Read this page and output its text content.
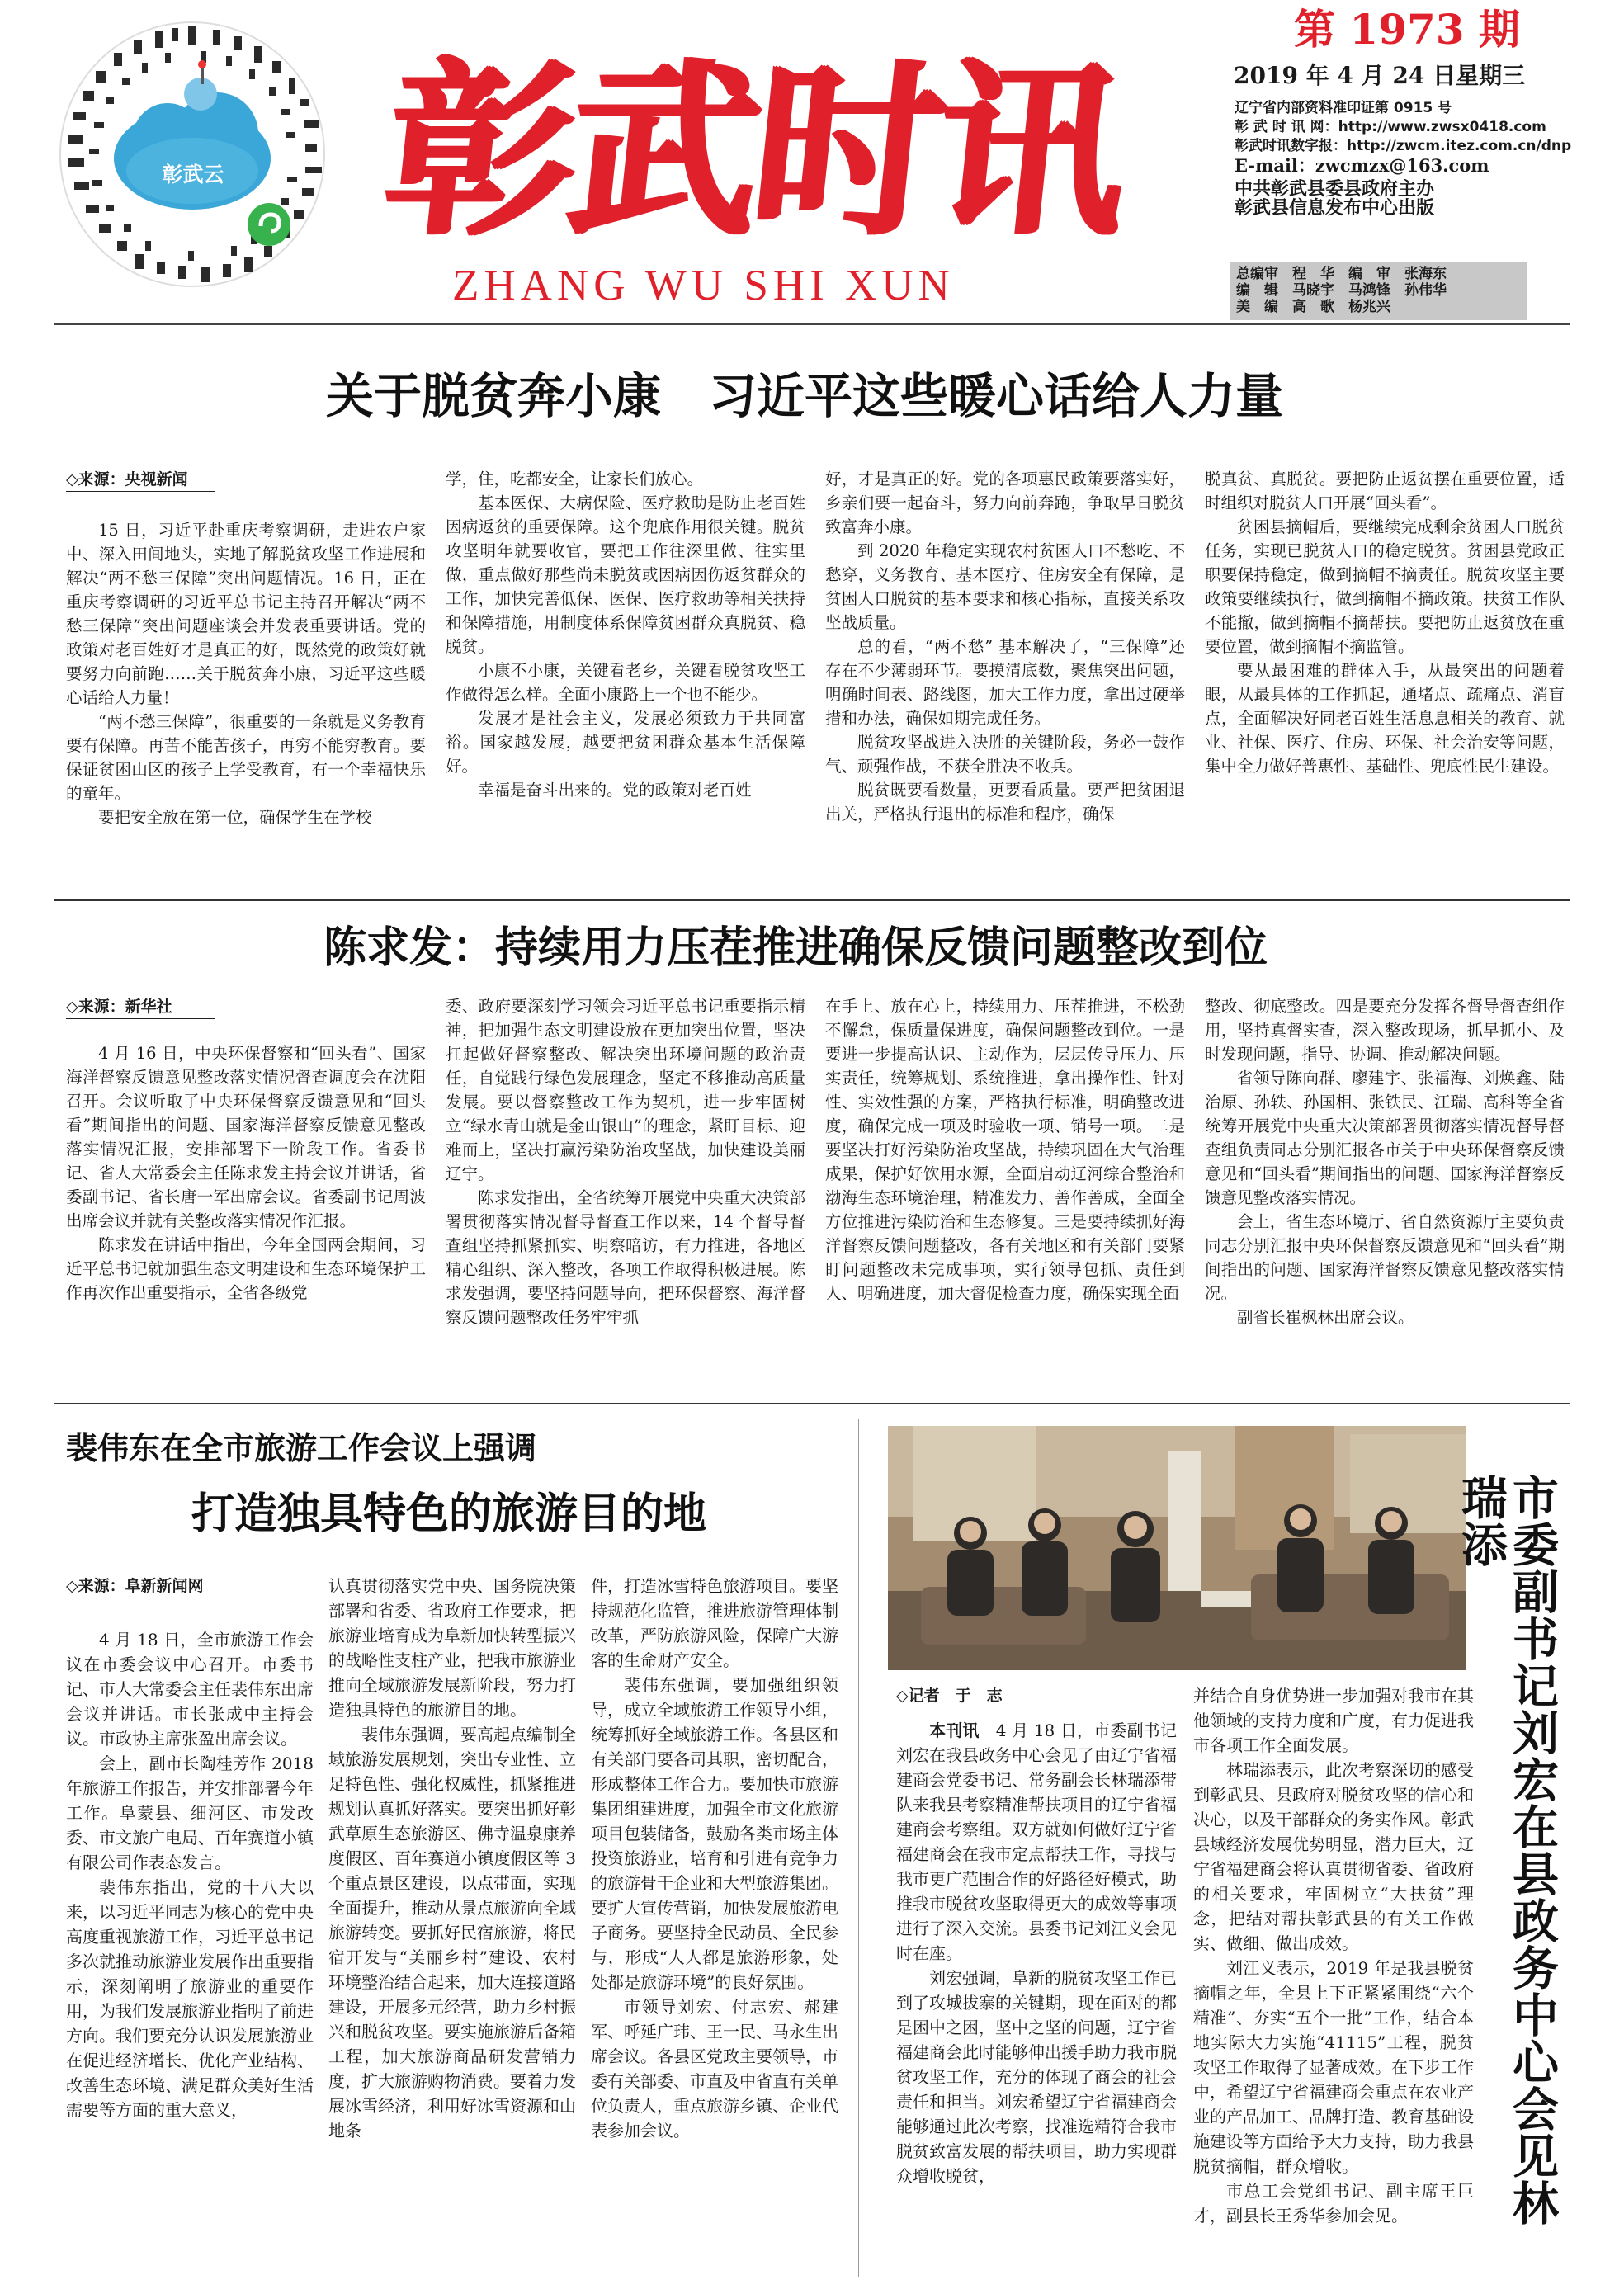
彰武云 彰武时讯
ZHANG WU SHI XUN
第 1973 期
2019 年 4 月 24 日星期三
辽宁省内部资料准印证第 0915 号
彰 武 时 讯 网：http://www.zwsx0418.com
彰武时讯数字报：http://zwcm.itez.com.cn/dnp
E-mail：zwcmzx@163.com
中共彰武县委县政府主办
彰武县信息发布中心出版
总编审　程　华　编　审　张海东
编　辑　马晓宇　马鸿锋　孙伟华
美　编　高　歌　杨兆兴
关于脱贫奔小康　习近平这些暖心话给人力量
◇来源：央视新闻

15 日，习近平赴重庆考察调研，走进农户家中、深入田间地头，实地了解脱贫攻坚工作进展和解决“两不愁三保障”突出问题情况。16 日，正在重庆考察调研的习近平总书记主持召开解决“两不愁三保障”突出问题座谈会并发表重要讲话。党的政策对老百姓好才是真正的好，既然党的政策好就要努力向前跑……关于脱贫奔小康，习近平这些暖心话给人力量！

“两不愁三保障”，很重要的一条就是义务教育要有保障。再苦不能苦孩子，再穷不能穷教育。要保证贫困山区的孩子上学受教育，有一个幸福快乐的童年。

要把安全放在第一位，确保学生在学校

学，住，吃都安全，让家长们放心。

基本医保、大病保险、医疗救助是防止老百姓因病返贫的重要保障。这个兜底作用很关键。脱贫攻坚明年就要收官，要把工作往深里做、往实里做，重点做好那些尚未脱贫或因病因伤返贫群众的工作，加快完善低保、医保、医疗救助等相关扶持和保障措施，用制度体系保障贫困群众真脱贫、稳脱贫。

小康不小康，关键看老乡，关键看脱贫攻坚工作做得怎么样。全面小康路上一个也不能少。

发展才是社会主义，发展必须致力于共同富裕。国家越发展，越要把贫困群众基本生活保障好。

幸福是奋斗出来的。党的政策对老百姓

好，才是真正的好。党的各项惠民政策要落实好，乡亲们要一起奋斗，努力向前奔跑，争取早日脱贫致富奔小康。

到 2020 年稳定实现农村贫困人口不愁吃、不愁穿，义务教育、基本医疗、住房安全有保障，是贫困人口脱贫的基本要求和核心指标，直接关系攻坚战质量。

总的看，“两不愁” 基本解决了，“三保障”还存在不少薄弱环节。要摸清底数，聚焦突出问题，明确时间表、路线图，加大工作力度，拿出过硬举措和办法，确保如期完成任务。

脱贫攻坚战进入决胜的关键阶段，务必一鼓作气、顽强作战，不获全胜决不收兵。

脱贫既要看数量，更要看质量。要严把贫困退出关，严格执行退出的标准和程序，确保

脱真贫、真脱贫。要把防止返贫摆在重要位置，适时组织对脱贫人口开展“回头看”。

贫困县摘帽后，要继续完成剩余贫困人口脱贫任务，实现已脱贫人口的稳定脱贫。贫困县党政正职要保持稳定，做到摘帽不摘责任。脱贫攻坚主要政策要继续执行，做到摘帽不摘政策。扶贫工作队不能撤，做到摘帽不摘帮扶。要把防止返贫放在重要位置，做到摘帽不摘监管。

要从最困难的群体入手，从最突出的问题着眼，从最具体的工作抓起，通堵点、疏痛点、消盲点，全面解决好同老百姓生活息息相关的教育、就业、社保、医疗、住房、环保、社会治安等问题，集中全力做好普惠性、基础性、兜底性民生建设。

陈求发：持续用力压茬推进确保反馈问题整改到位
◇来源：新华社

4 月 16 日，中央环保督察和“回头看”、国家海洋督察反馈意见整改落实情况督查调度会在沈阳召开。会议听取了中央环保督察反馈意见和“回头看”期间指出的问题、国家海洋督察反馈意见整改落实情况汇报，安排部署下一阶段工作。省委书记、省人大常委会主任陈求发主持会议并讲话，省委副书记、省长唐一军出席会议。省委副书记周波出席会议并就有关整改落实情况作汇报。

陈求发在讲话中指出，今年全国两会期间，习近平总书记就加强生态文明建设和生态环境保护工作再次作出重要指示，全省各级党

委、政府要深刻学习领会习近平总书记重要指示精神，把加强生态文明建设放在更加突出位置，坚决扛起做好督察整改、解决突出环境问题的政治责任，自觉践行绿色发展理念，坚定不移推动高质量发展。要以督察整改工作为契机，进一步牢固树立“绿水青山就是金山银山”的理念，紧盯目标、迎难而上，坚决打赢污染防治攻坚战，加快建设美丽辽宁。

陈求发指出，全省统筹开展党中央重大决策部署贯彻落实情况督导督查工作以来，14 个督导督查组坚持抓紧抓实、明察暗访，有力推进，各地区精心组织、深入整改，各项工作取得积极进展。陈求发强调，要坚持问题导向，把环保督察、海洋督察反馈问题整改任务牢牢抓

在手上、放在心上，持续用力、压茬推进，不松劲不懈怠，保质量保进度，确保问题整改到位。一是要进一步提高认识、主动作为，层层传导压力、压实责任，统筹规划、系统推进，拿出操作性、针对性、实效性强的方案，严格执行标准，明确整改进度，确保完成一项及时验收一项、销号一项。二是要坚决打好污染防治攻坚战，持续巩固在大气治理成果，保护好饮用水源，全面启动辽河综合整治和渤海生态环境治理，精准发力、善作善成，全面全方位推进污染防治和生态修复。三是要持续抓好海洋督察反馈问题整改，各有关地区和有关部门要紧盯问题整改未完成事项，实行领导包抓、责任到人、明确进度，加大督促检查力度，确保实现全面

整改、彻底整改。四是要充分发挥各督导督查组作用，坚持真督实查，深入整改现场，抓早抓小、及时发现问题，指导、协调、推动解决问题。

省领导陈向群、廖建宇、张福海、刘焕鑫、陆治原、孙轶、孙国相、张铁民、江瑞、高科等全省统筹开展党中央重大决策部署贯彻落实情况督导督查组负责同志分别汇报各市关于中央环保督察反馈意见和“回头看”期间指出的问题、国家海洋督察反馈意见整改落实情况。

会上，省生态环境厅、省自然资源厅主要负责同志分别汇报中央环保督察反馈意见和“回头看”期间指出的问题、国家海洋督察反馈意见整改落实情况。

副省长崔枫林出席会议。

裴伟东在全市旅游工作会议上强调
打造独具特色的旅游目的地
◇来源：阜新新闻网

4 月 18 日，全市旅游工作会议在市委会议中心召开。市委书记、市人大常委会主任裴伟东出席会议并讲话。市长张成中主持会议。市政协主席张盈出席会议。

会上，副市长陶桂芳作 2018 年旅游工作报告，并安排部署今年工作。阜蒙县、细河区、市发改委、市文旅广电局、百年赛道小镇有限公司作表态发言。

裴伟东指出，党的十八大以来，以习近平同志为核心的党中央高度重视旅游工作，习近平总书记多次就推动旅游业发展作出重要指示，深刻阐明了旅游业的重要作用，为我们发展旅游业指明了前进方向。我们要充分认识发展旅游业在促进经济增长、优化产业结构、改善生态环境、满足群众美好生活需要等方面的重大意义，

认真贯彻落实党中央、国务院决策部署和省委、省政府工作要求，把旅游业培育成为阜新加快转型振兴的战略性支柱产业，把我市旅游业推向全域旅游发展新阶段，努力打造独具特色的旅游目的地。

裴伟东强调，要高起点编制全域旅游发展规划，突出专业性、立足特色性、强化权威性，抓紧推进规划认真抓好落实。要突出抓好彰武草原生态旅游区、佛寺温泉康养度假区、百年赛道小镇度假区等 3 个重点景区建设，以点带面，实现全面提升，推动从景点旅游向全域旅游转变。要抓好民宿旅游，将民宿开发与“美丽乡村”建设、农村环境整治结合起来，加大连接道路建设，开展多元经营，助力乡村振兴和脱贫攻坚。要实施旅游后备箱工程，加大旅游商品研发营销力度，扩大旅游购物消费。要着力发展冰雪经济，利用好冰雪资源和山地条

件，打造冰雪特色旅游项目。要坚持规范化监管，推进旅游管理体制改革，严防旅游风险，保障广大游客的生命财产安全。

裴伟东强调，要加强组织领导，成立全域旅游工作领导小组，统筹抓好全域旅游工作。各县区和有关部门要各司其职，密切配合，形成整体工作合力。要加快市旅游集团组建进度，加强全市文化旅游项目包装储备，鼓励各类市场主体投资旅游业，培育和引进有竞争力的旅游骨干企业和大型旅游集团。要扩大宣传营销，加快发展旅游电子商务。要坚持全民动员、全民参与，形成“人人都是旅游形象，处处都是旅游环境”的良好氛围。

市领导刘宏、付志宏、郝建军、呼延广玮、王一民、马永生出席会议。各县区党政主要领导，市委有关部委、市直及中省直有关单位负责人，重点旅游乡镇、企业代表参加会议。	市委副书记刘宏在县政务中心会见林瑞添
◇记者　于　志

本刊讯　4 月 18 日，市委副书记刘宏在我县政务中心会见了由辽宁省福建商会党委书记、常务副会长林瑞添带队来我县考察精准帮扶项目的辽宁省福建商会考察组。双方就如何做好辽宁省福建商会在我市定点帮扶工作，寻找与我市更广范围合作的好路径好模式，助推我市脱贫攻坚取得更大的成效等事项进行了深入交流。县委书记刘江义会见时在座。

刘宏强调，阜新的脱贫攻坚工作已到了攻城拔寨的关键期，现在面对的都是困中之困，坚中之坚的问题，辽宁省福建商会此时能够伸出援手助力我市脱贫攻坚工作，充分的体现了商会的社会责任和担当。刘宏希望辽宁省福建商会能够通过此次考察，找准选精符合我市脱贫致富发展的帮扶项目，助力实现群众增收脱贫，

并结合自身优势进一步加强对我市在其他领域的支持力度和广度，有力促进我市各项工作全面发展。

林瑞添表示，此次考察深切的感受到彰武县、县政府对脱贫攻坚的信心和决心，以及干部群众的务实作风。彰武县域经济发展优势明显，潜力巨大，辽宁省福建商会将认真贯彻省委、省政府的相关要求，牢固树立“大扶贫”理念，把结对帮扶彰武县的有关工作做实、做细、做出成效。

刘江义表示，2019 年是我县脱贫摘帽之年，全县上下正紧紧围绕“六个精准”、夯实“五个一批”工作，结合本地实际大力实施“41115”工程，脱贫攻坚工作取得了显著成效。在下步工作中，希望辽宁省福建商会重点在农业产业的产品加工、品牌打造、教育基础设施建设等方面给予大力支持，助力我县脱贫摘帽，群众增收。

市总工会党组书记、副主席王巨才，副县长王秀华参加会见。
